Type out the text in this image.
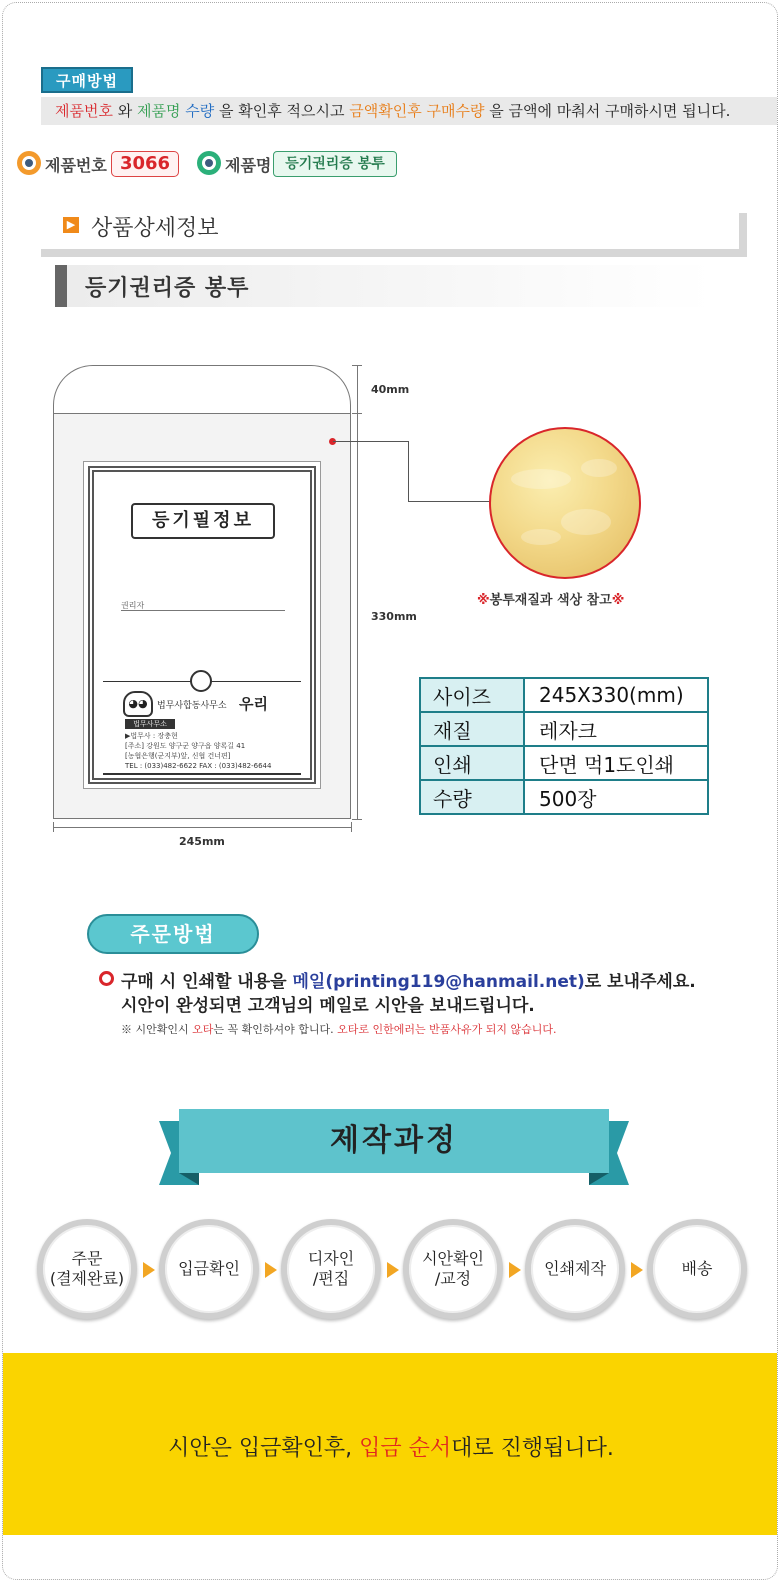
구매방법
제품번호 와 제품명 수량 을 확인후 적으시고 금액확인후 구매수량 을 금액에 마춰서 구매하시면 됩니다.
제품번호 3066	제품명 등기권리증 봉투
▶ 상품상세정보
등기권리증 봉투
등기필정보
권리자
◕◕	법무사합동사무소 우리
법무사무소
▶법무사 : 장충현
[주소] 강원도 양구군 양구읍 양록길 41
[농협은행(군지부)앞, 신협 건너편]
TEL : (033)482-6622 FAX : (033)482-6644
40mm
330mm
245mm
※봉투재질과 색상 참고※
사이즈	245X330(mm)
재질	레자크
인쇄	단면 먹1도인쇄
수량	500장
주문방법
구매 시 인쇄할 내용을 메일(printing119@hanmail.net)로 보내주세요.
시안이 완성되면 고객님의 메일로 시안을 보내드립니다.
※ 시안확인시 오타는 꼭 확인하셔야 합니다. 오타로 인한에러는 반품사유가 되지 않습니다.
제작과정
주문
(결제완료)
입금확인
디자인
/편집
시안확인
/교정
인쇄제작	배송
시안은 입금확인후, 입금 순서대로 진행됩니다.
